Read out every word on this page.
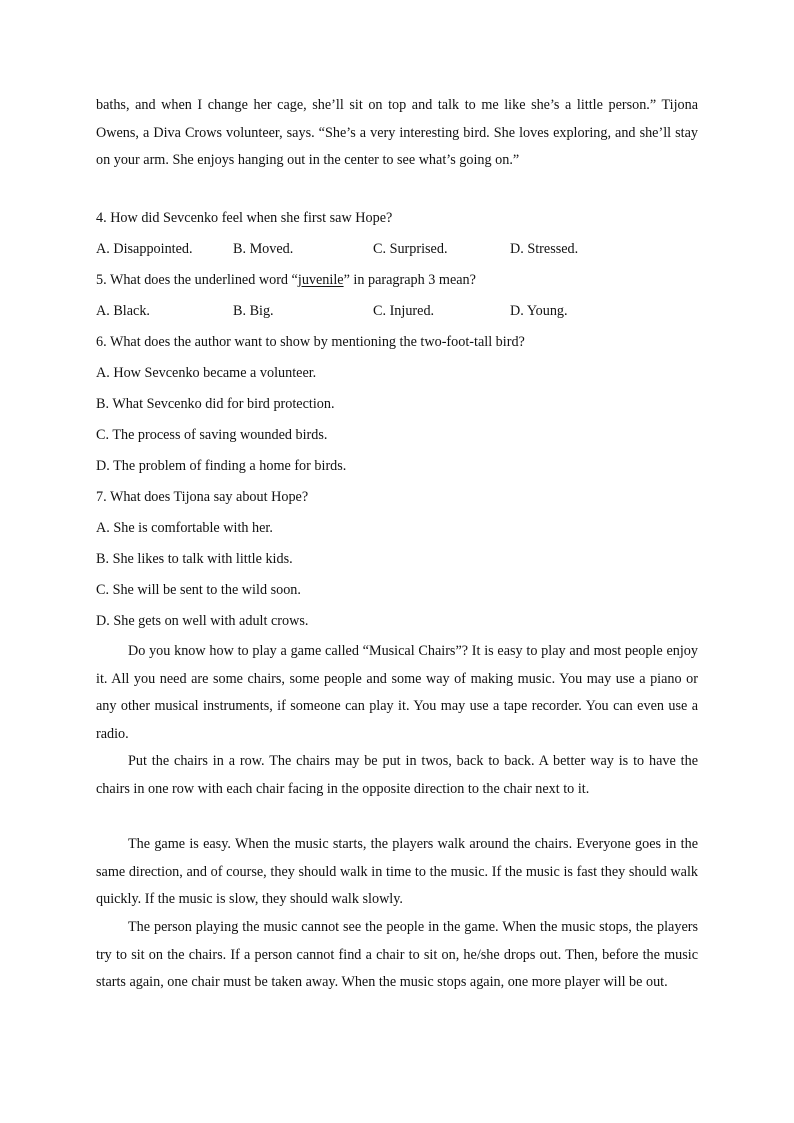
baths, and when I change her cage, she’ll sit on top and talk to me like she’s a little person.” Tijona Owens, a Diva Crows volunteer, says. “She’s a very interesting bird. She loves exploring, and she’ll stay on your arm. She enjoys hanging out in the center to see what’s going on.”
4. How did Sevcenko feel when she first saw Hope?
A. Disappointed.	B. Moved.	C. Surprised.	D. Stressed.
5. What does the underlined word “juvenile” in paragraph 3 mean?
A. Black.	B. Big.	C. Injured.	D. Young.
6. What does the author want to show by mentioning the two-foot-tall bird?
A. How Sevcenko became a volunteer.
B. What Sevcenko did for bird protection.
C. The process of saving wounded birds.
D. The problem of finding a home for birds.
7. What does Tijona say about Hope?
A. She is comfortable with her.
B. She likes to talk with little kids.
C. She will be sent to the wild soon.
D. She gets on well with adult crows.
Do you know how to play a game called “Musical Chairs”? It is easy to play and most people enjoy it. All you need are some chairs, some people and some way of making music. You may use a piano or any other musical instruments, if someone can play it. You may use a tape recorder. You can even use a radio.
Put the chairs in a row. The chairs may be put in twos, back to back. A better way is to have the chairs in one row with each chair facing in the opposite direction to the chair next to it.
The game is easy. When the music starts, the players walk around the chairs. Everyone goes in the same direction, and of course, they should walk in time to the music. If the music is fast they should walk quickly. If the music is slow, they should walk slowly.
The person playing the music cannot see the people in the game. When the music stops, the players try to sit on the chairs. If a person cannot find a chair to sit on, he/she drops out. Then, before the music starts again, one chair must be taken away. When the music stops again, one more player will be out.
